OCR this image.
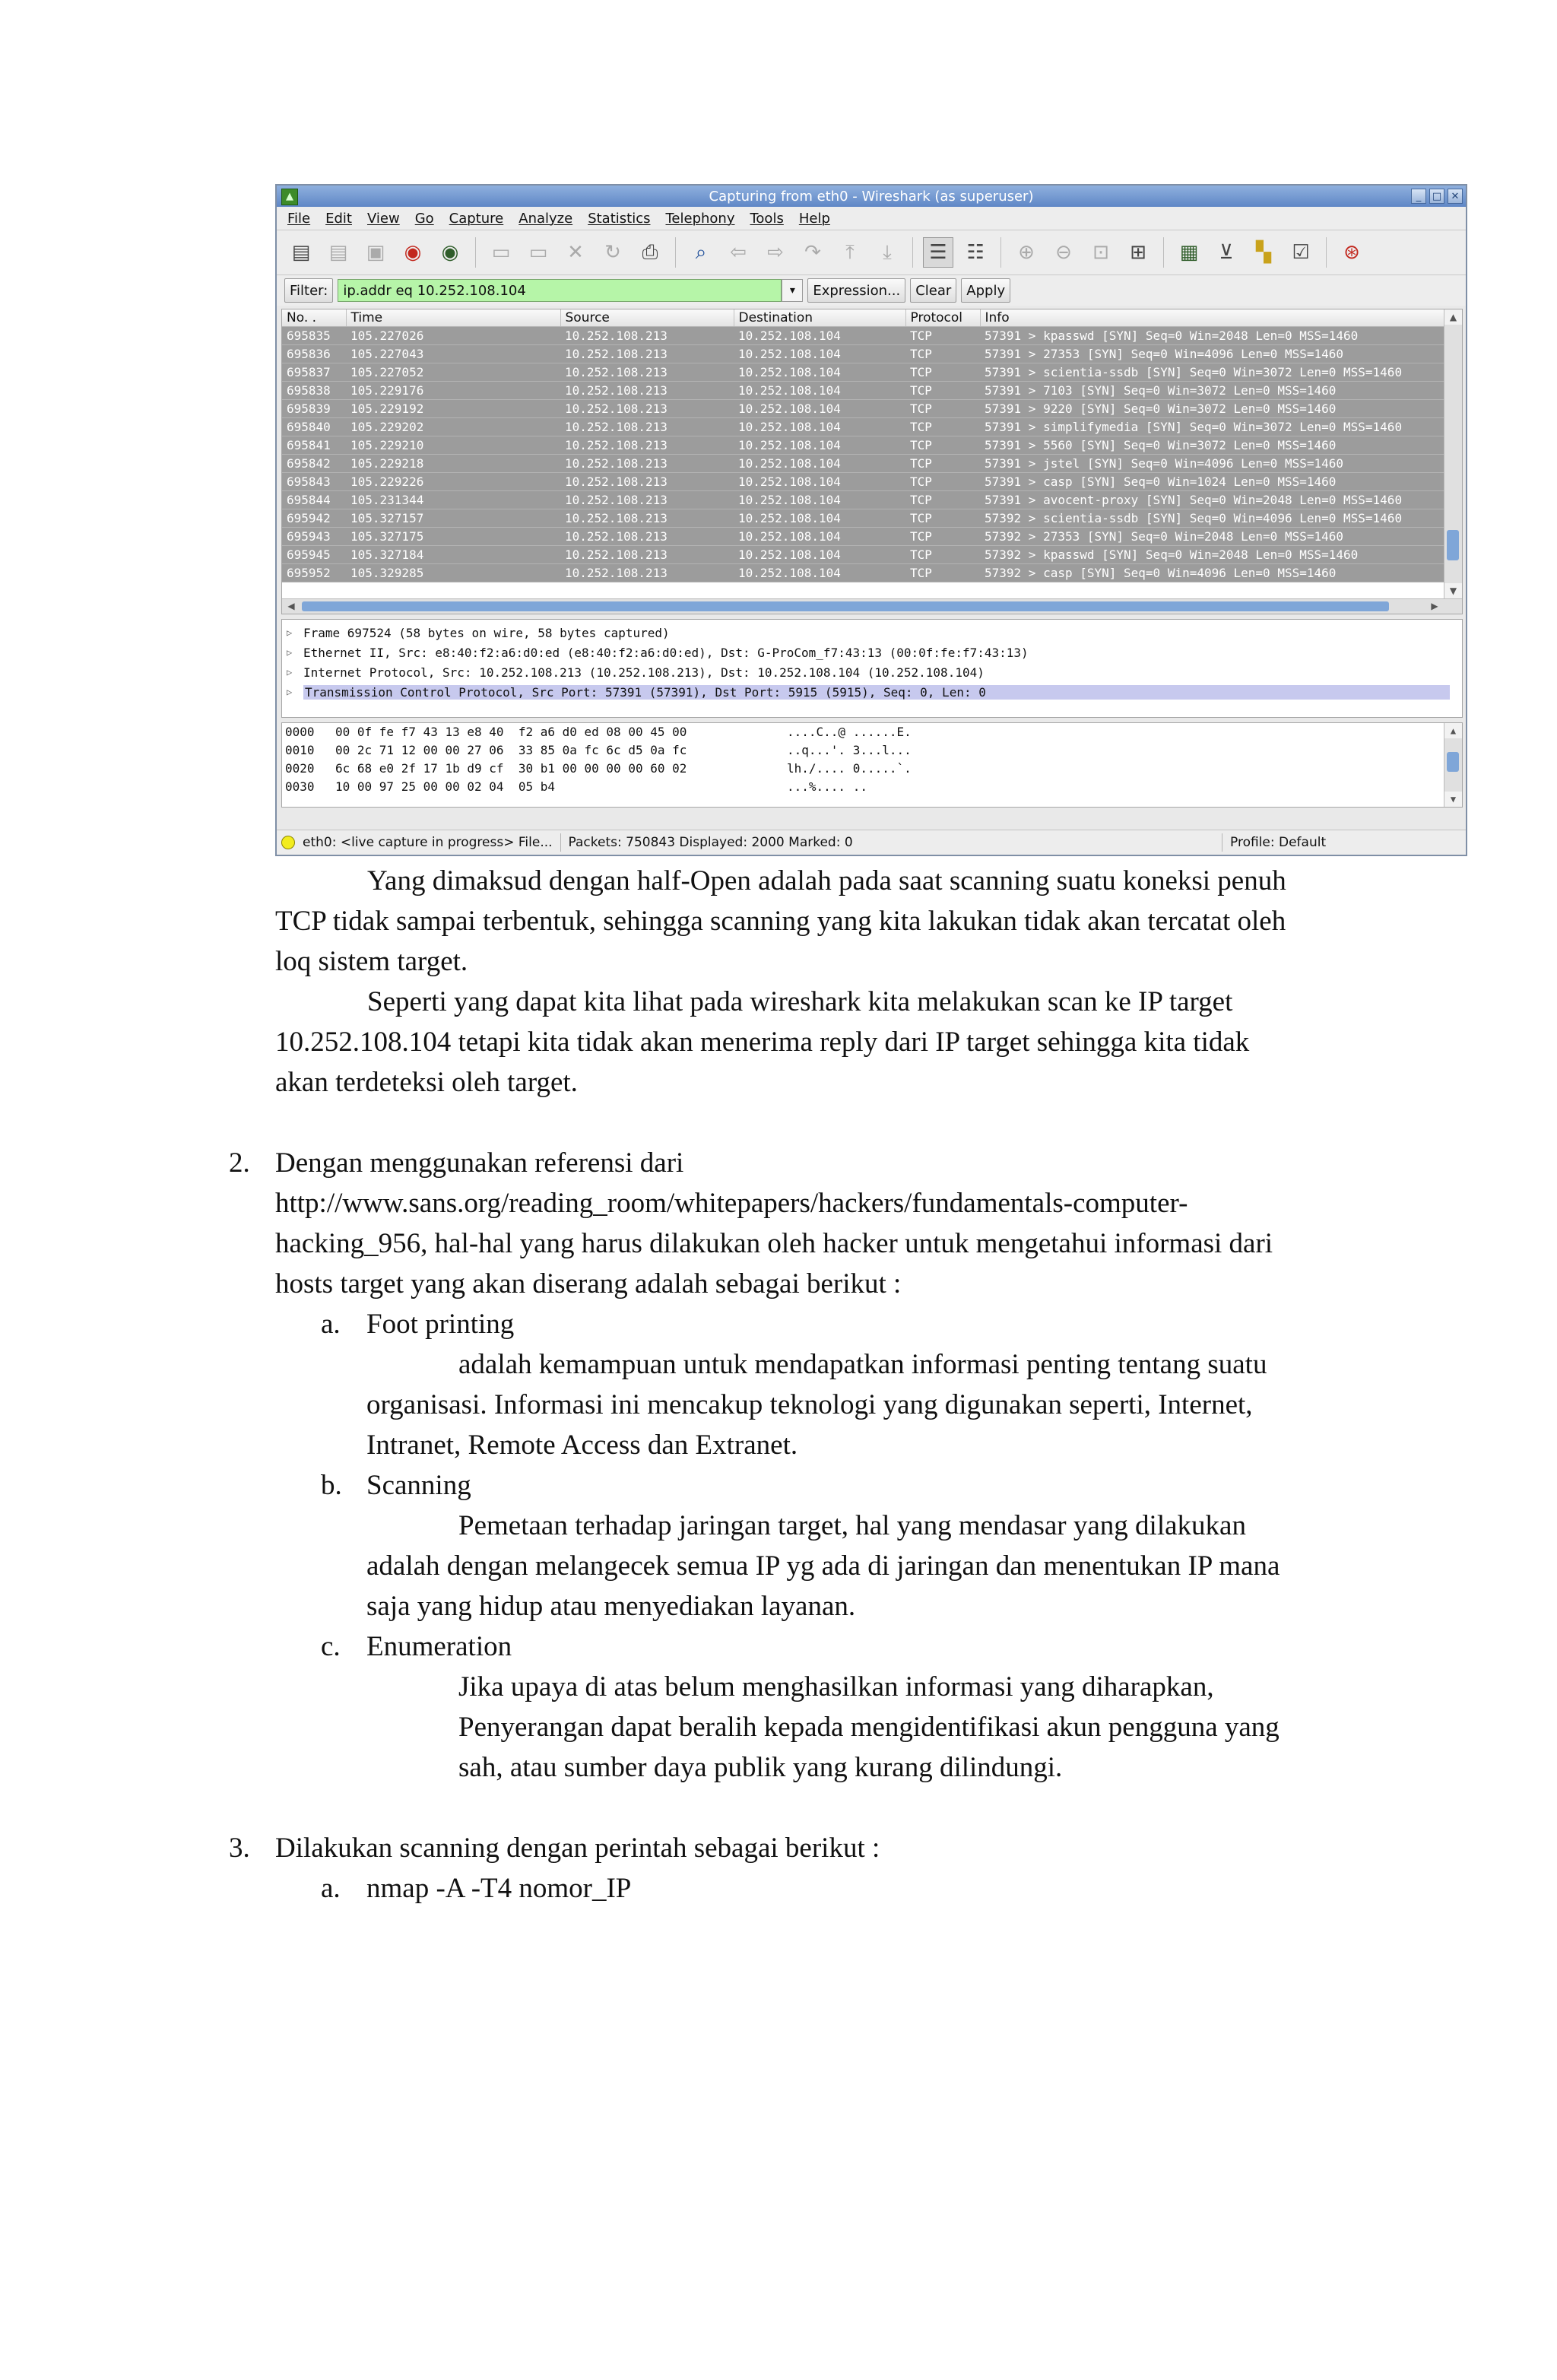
▲	Capturing from eth0 - Wireshark (as superuser)	_	□ ✕
File Edit View Go Capture Analyze Statistics Telephony Tools Help
▤ ▤ ▣ ◉	◉	▭ ▭ ✕	↻	⎙	⌕	⇦	⇨	↷	⤒	⤓	☰ ☷	⊕	⊖	⊡	⊞	▦	⊻	▚	☑	⊛
Filter:
ip.addr eq 10.252.108.104	▾	Expression...	Clear	Apply
No. .	Time	Source	Destination	Protocol	Info
695835	105.227026	10.252.108.213	10.252.108.104	TCP	57391 > kpasswd [SYN] Seq=0 Win=2048 Len=0 MSS=1460
695836	105.227043	10.252.108.213	10.252.108.104	TCP	57391 > 27353 [SYN] Seq=0 Win=4096 Len=0 MSS=1460
695837	105.227052	10.252.108.213	10.252.108.104	TCP	57391 > scientia-ssdb [SYN] Seq=0 Win=3072 Len=0 MSS=1460
695838	105.229176	10.252.108.213	10.252.108.104	TCP	57391 > 7103 [SYN] Seq=0 Win=3072 Len=0 MSS=1460
695839	105.229192	10.252.108.213	10.252.108.104	TCP	57391 > 9220 [SYN] Seq=0 Win=3072 Len=0 MSS=1460
695840	105.229202	10.252.108.213	10.252.108.104	TCP	57391 > simplifymedia [SYN] Seq=0 Win=3072 Len=0 MSS=1460
695841	105.229210	10.252.108.213	10.252.108.104	TCP	57391 > 5560 [SYN] Seq=0 Win=3072 Len=0 MSS=1460
695842	105.229218	10.252.108.213	10.252.108.104	TCP	57391 > jstel [SYN] Seq=0 Win=4096 Len=0 MSS=1460
695843	105.229226	10.252.108.213	10.252.108.104	TCP	57391 > casp [SYN] Seq=0 Win=1024 Len=0 MSS=1460
695844	105.231344	10.252.108.213	10.252.108.104	TCP	57391 > avocent-proxy [SYN] Seq=0 Win=2048 Len=0 MSS=1460
695942	105.327157	10.252.108.213	10.252.108.104	TCP	57392 > scientia-ssdb [SYN] Seq=0 Win=4096 Len=0 MSS=1460
695943	105.327175	10.252.108.213	10.252.108.104	TCP	57392 > 27353 [SYN] Seq=0 Win=2048 Len=0 MSS=1460
695945	105.327184	10.252.108.213	10.252.108.104	TCP	57392 > kpasswd [SYN] Seq=0 Win=2048 Len=0 MSS=1460
695952	105.329285	10.252.108.213	10.252.108.104	TCP	57392 > casp [SYN] Seq=0 Win=4096 Len=0 MSS=1460
▲
▼
◀	▶
▷ Frame 697524 (58 bytes on wire, 58 bytes captured)
▷ Ethernet II, Src: e8:40:f2:a6:d0:ed (e8:40:f2:a6:d0:ed), Dst: G-ProCom_f7:43:13 (00:0f:fe:f7:43:13)
▷ Internet Protocol, Src: 10.252.108.213 (10.252.108.213), Dst: 10.252.108.104 (10.252.108.104)
▷	Transmission Control Protocol, Src Port: 57391 (57391), Dst Port: 5915 (5915), Seq: 0, Len: 0
0000	00 0f fe f7 43 13 e8 40  f2 a6 d0 ed 08 00 45 00	....C..@ ......E.
0010	00 2c 71 12 00 00 27 06  33 85 0a fc 6c d5 0a fc	..q...'. 3...l...
0020	6c 68 e0 2f 17 1b d9 cf  30 b1 00 00 00 00 60 02	lh./.... 0.....`.
0030	10 00 97 25 00 00 02 04  05 b4	...%.... ..
▲
▼
eth0: <live capture in progress> File... Packets: 750843 Displayed: 2000 Marked: 0	Profile: Default

Yang dimaksud dengan half-Open adalah pada saat scanning suatu koneksi penuh
TCP tidak sampai terbentuk, sehingga scanning yang kita lakukan tidak akan tercatat oleh
loq sistem target.

Seperti yang dapat kita lihat pada wireshark kita melakukan scan ke IP target
10.252.108.104 tetapi kita tidak akan menerima reply dari IP target sehingga kita tidak
akan terdeteksi oleh target.

2. Dengan menggunakan referensi dari
http://www.sans.org/reading_room/whitepapers/hackers/fundamentals-computer-
hacking_956, hal-hal yang harus dilakukan oleh hacker untuk mengetahui informasi dari
hosts target yang akan diserang adalah sebagai berikut :

a. Foot printing
adalah kemampuan untuk mendapatkan informasi penting tentang suatu
organisasi. Informasi ini mencakup teknologi yang digunakan seperti, Internet,
Intranet, Remote Access dan Extranet.

b. Scanning
Pemetaan terhadap jaringan target, hal yang mendasar yang dilakukan
adalah dengan melangecek semua IP yg ada di jaringan dan menentukan IP mana
saja yang hidup atau menyediakan layanan.

c. Enumeration
Jika upaya di atas belum menghasilkan informasi yang diharapkan,
Penyerangan dapat beralih kepada mengidentifikasi akun pengguna yang
sah, atau sumber daya publik yang kurang dilindungi.

3. Dilakukan scanning dengan perintah sebagai berikut :

a. nmap -A -T4 nomor_IP
